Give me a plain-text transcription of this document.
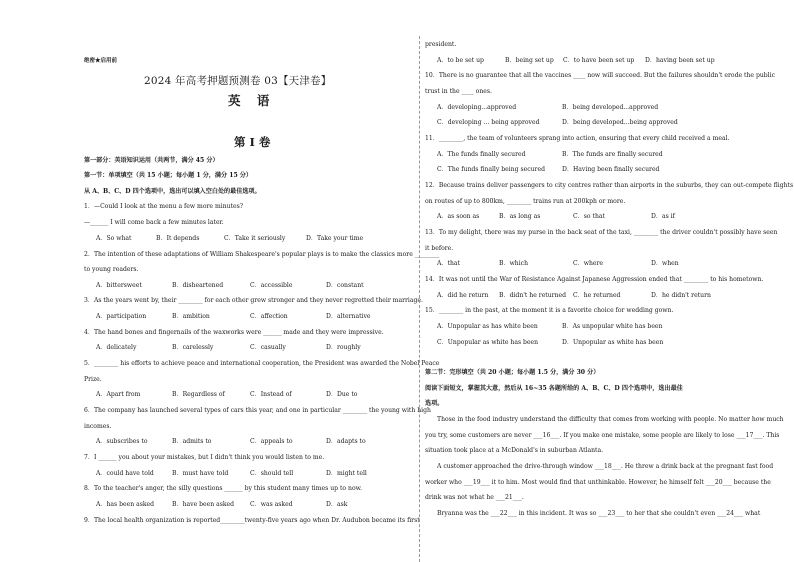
绝密★启用前
2024 年高考押题预测卷 03【天津卷】
英 语
第 I 卷
第一部分：英语知识运用（共两节，满分 45 分）
第一节：单项填空（共 15 小题；每小题 1 分，满分 15 分）
从 A、B、C、D 四个选项中，选出可以填入空白处的最佳选项。
1．—Could I look at the menu a few more minutes?
—______ I will come back a few minutes later.
A．So what	B．It depends	C．Take it seriously	D．Take your time
2．The intention of these adaptations of William Shakespeare's popular plays is to make the classics more ________
to young readers.
A．bittersweet	B．disheartened	C．accessible	D．constant
3．As the years went by, their ________ for each other grew stronger and they never regretted their marriage.
A．participation	B．ambition	C．affection	D．alternative
4．The hand bones and fingernails of the waxworks were ______ made and they were impressive.
A．delicately	B．carelessly	C．casually	D．roughly
5．________ his efforts to achieve peace and international cooperation, the President was awarded the Nobel Peace
Prize.
A．Apart from	B．Regardless of	C．Instead of	D．Due to
6．The company has launched several types of cars this year, and one in particular ________ the young with high
incomes.
A．subscribes to	B．admits to	C．appeals to	D．adapts to
7．I ______ you about your mistakes, but I didn't think you would listen to me.
A．could have told	B．must have told	C．should tell	D．might tell
8．To the teacher's anger, the silly questions ______ by this student many times up to now.
A．has been asked	B．have been asked	C．was asked	D．ask
9．The local health organization is reported________twenty-five years ago when Dr. Audubon became its first
president.
A．to be set up	B．being set up	C．to have been set up	D．having been set up
10．There is no guarantee that all the vaccines ____ now will succeed. But the failures shouldn't erode the public
trust in the ____ ones.
A．developing...approved	B．being developed...approved
C．developing ... being approved	D．being developed...being approved
11．________, the team of volunteers sprang into action, ensuring that every child received a meal.
A．The funds finally secured	B．The funds are finally secured
C．The funds finally being secured	D．Having been finally secured
12．Because trains deliver passengers to city centres rather than airports in the suburbs, they can out-compete flights
on routes of up to 800km, ________ trains run at 200kph or more.
A．as soon as	B．as long as	C．so that	D．as if
13．To my delight, there was my purse in the back seat of the taxi, ________ the driver couldn't possibly have seen
it before.
A．that	B．which	C．where	D．when
14．It was not until the War of Resistance Against Japanese Aggression ended that ________ to his hometown.
A．did he return	B．didn't he returned	C．he returned	D．he didn't return
15．________ in the past, at the moment it is a favorite choice for wedding gown.
A．Unpopular as has white been	B．As unpopular white has been
C．Unpopular as white has been	D．Unpopular as white has been
第二节：完形填空（共 20 小题；每小题 1.5 分，满分 30 分）
阅读下面短文，掌握其大意，然后从 16~35 各题所给的 A、B、C、D 四个选项中，选出最佳
选项。
Those in the food industry understand the difficulty that comes from working with people. No matter how much
you try, some customers are never ___16___. If you make one mistake, some people are likely to lose ___17___. This
situation took place at a McDonald's in suburban Atlanta.
A customer approached the drive-through window ___18___. He threw a drink back at the pregnant fast food
worker who ___19___ it to him. Most would find that unthinkable. However, he himself felt ___20___ because the
drink was not what he ___21___.
Bryanna was the ___22___ in this incident. It was so ___23___ to her that she couldn't even ___24___ what
